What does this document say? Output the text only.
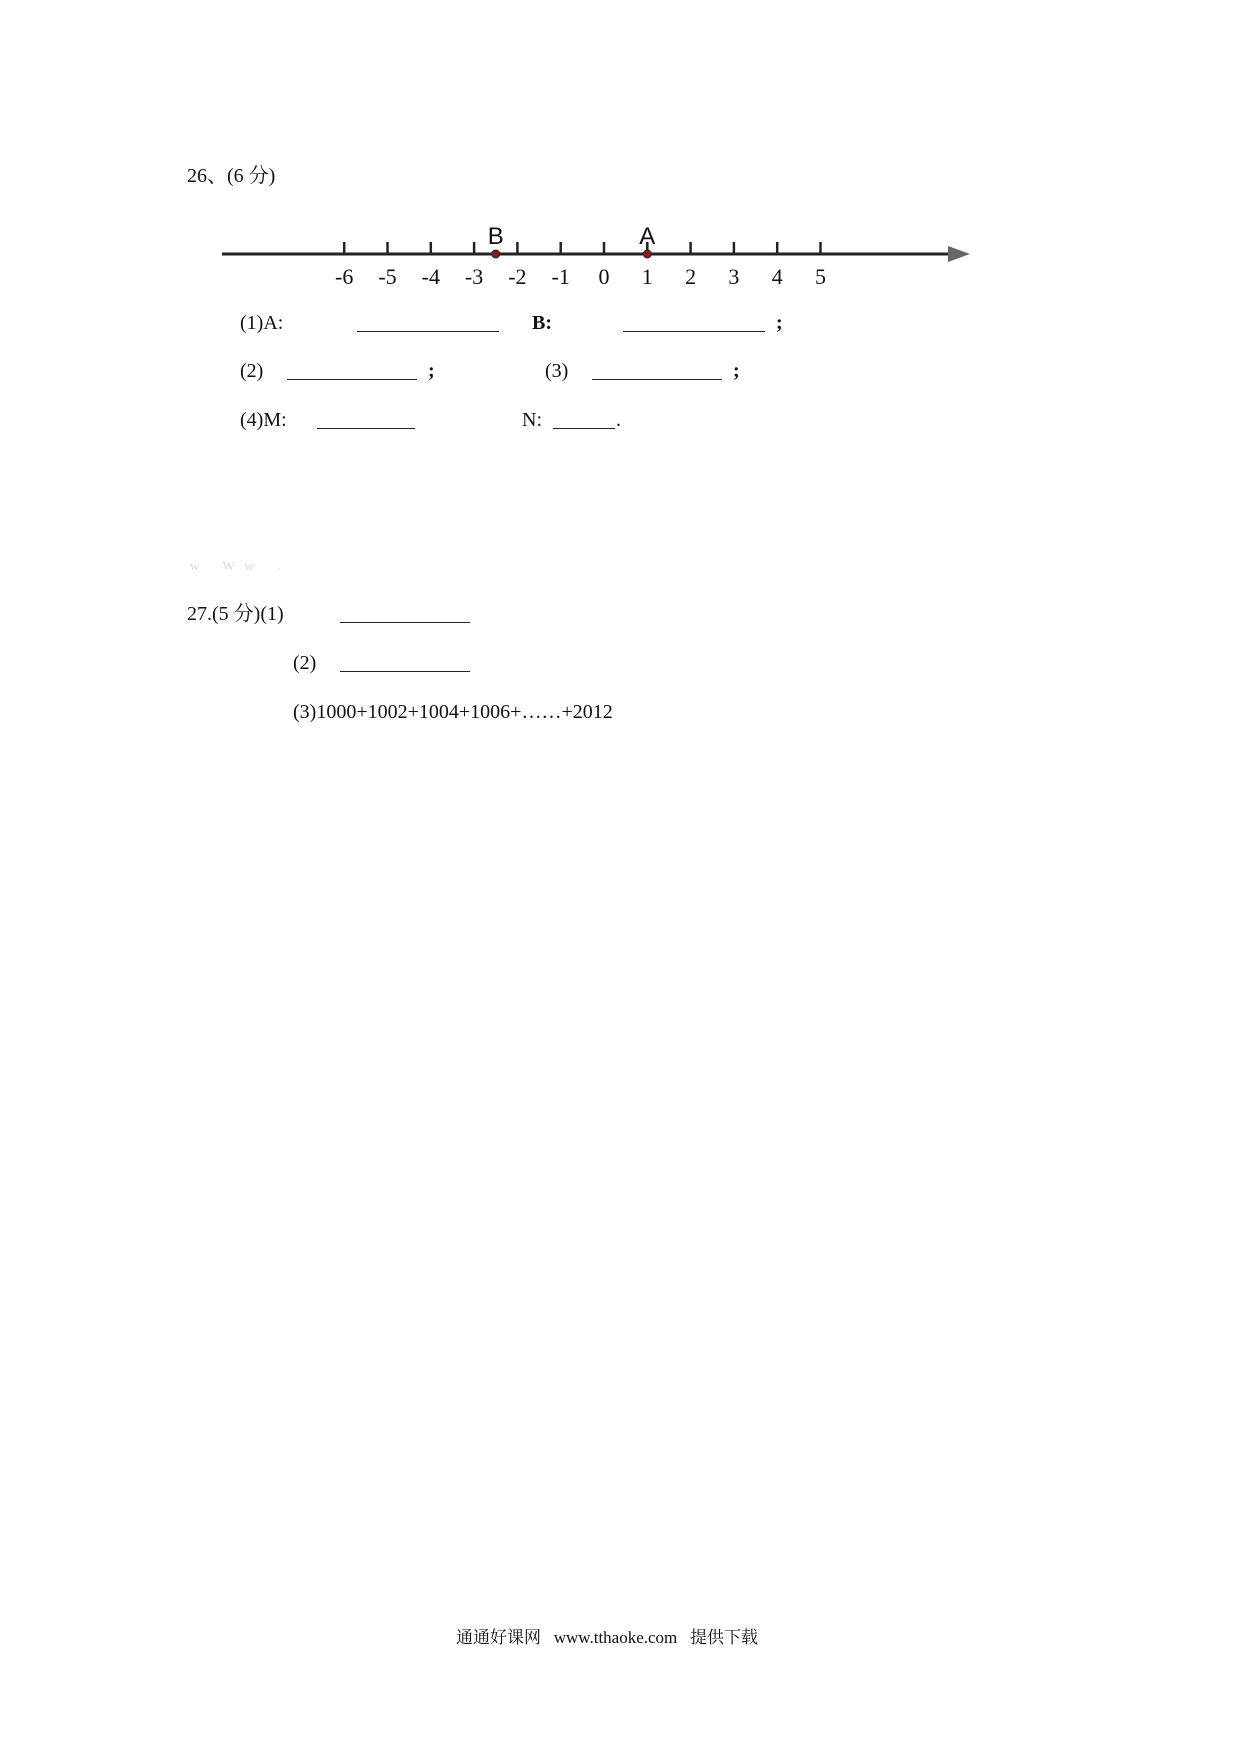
26、(6 分)
-6 -5 -4 -3 -2 -1 0 1 2 3 4 5
B	A
(1)A:	B:	;
(2)	;	(3)	;
(4)M:	N:	.
w Ww .
27.(5 分)(1)
(2)
(3)1000+1002+1004+1006+……+2012
通通好课网 www.tthaoke.com 提供下载
